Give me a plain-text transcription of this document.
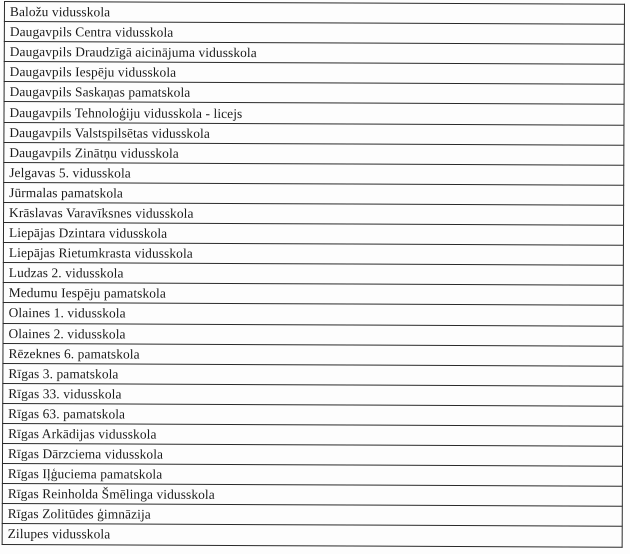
Baložu vidusskola
Daugavpils Centra vidusskola
Daugavpils Draudzīgā aicinājuma vidusskola
Daugavpils Iespēju vidusskola
Daugavpils Saskaņas pamatskola
Daugavpils Tehnoloģiju vidusskola - licejs
Daugavpils Valstspilsētas vidusskola
Daugavpils Zinātņu vidusskola
Jelgavas 5. vidusskola
Jūrmalas pamatskola
Krāslavas Varavīksnes vidusskola
Liepājas Dzintara vidusskola
Liepājas Rietumkrasta vidusskola
Ludzas 2. vidusskola
Medumu Iespēju pamatskola
Olaines 1. vidusskola
Olaines 2. vidusskola
Rēzeknes 6. pamatskola
Rīgas 3. pamatskola
Rīgas 33. vidusskola
Rīgas 63. pamatskola
Rīgas Arkādijas vidusskola
Rīgas Dārzciema vidusskola
Rīgas Iļģuciema pamatskola
Rīgas Reinholda Šmēlinga vidusskola
Rīgas Zolitūdes ģimnāzija
Zilupes vidusskola
